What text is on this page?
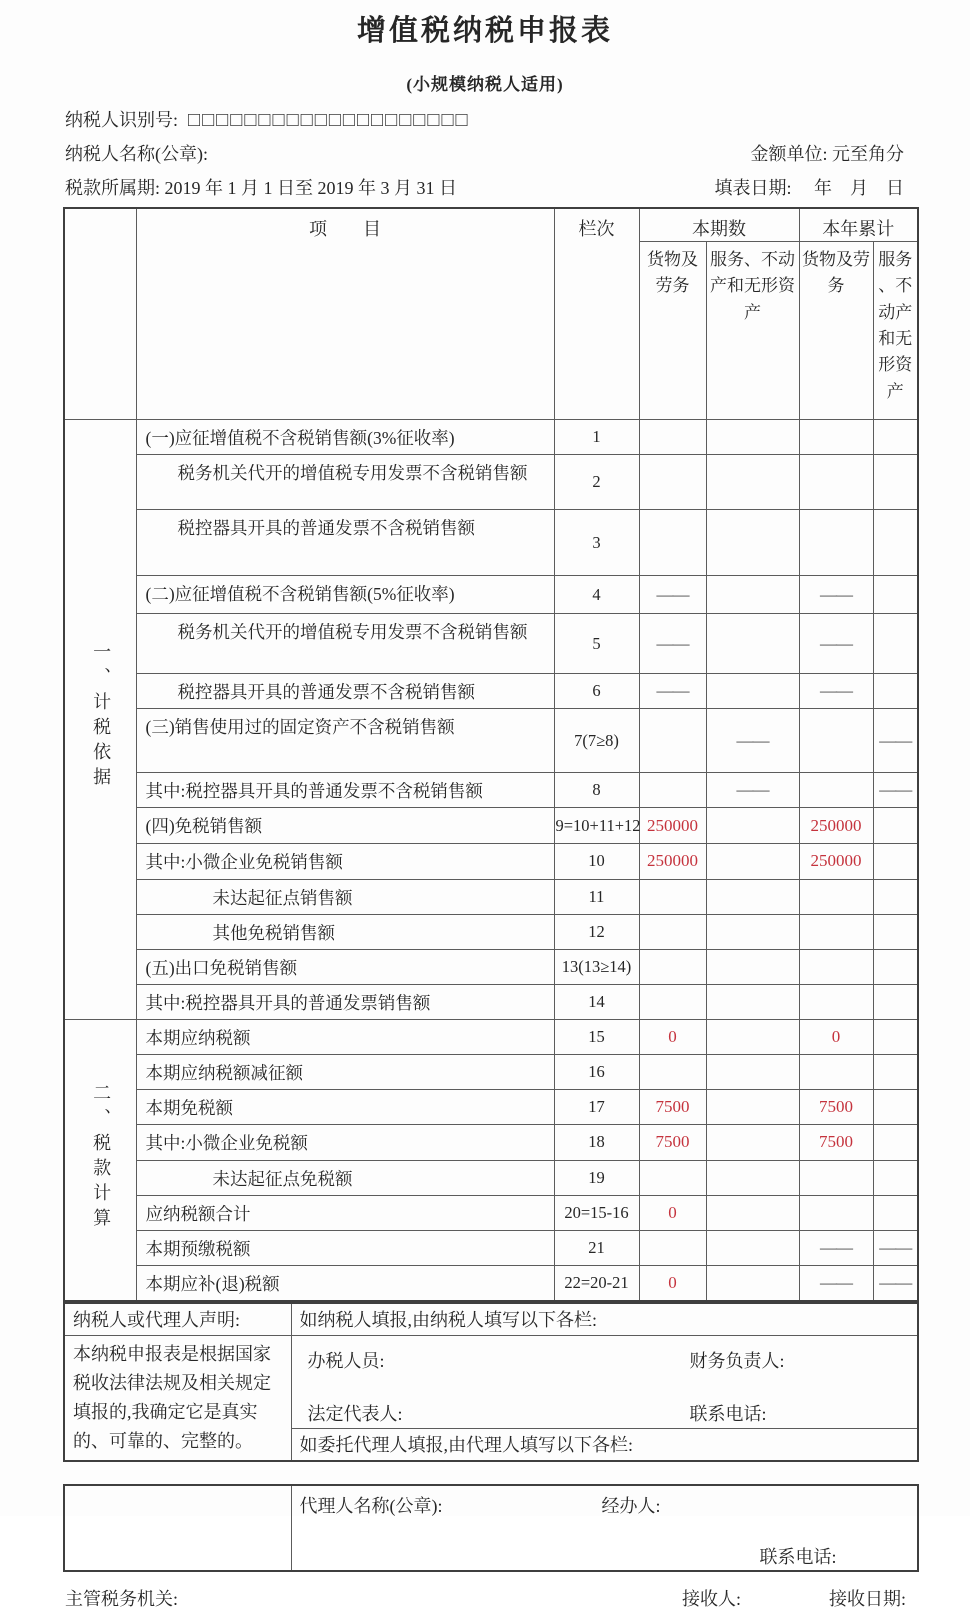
增值税纳税申报表
(小规模纳税人适用)
纳税人识别号: □□□□□□□□□□□□□□□□□□□□
纳税人名称(公章):	金额单位: 元至角分
税款所属期:
2019 年 1 月 1 日至 2019 年 3 月 31 日	填表日期:　 年　月　日
	项　　目	栏次	本期数		本年累计	
			货物及劳务	服务、不动产和无形资产	货物及劳务	服务、不动产和无形资产
一、计税依据	(一)应征增值税不含税销售额(3%征收率)	1				
	税务机关代开的增值税专用发票不含税销售额	2				
	税控器具开具的普通发票不含税销售额	3				
	(二)应征增值税不含税销售额(5%征收率)	4	——		——	
	税务机关代开的增值税专用发票不含税销售额	5	——		——	
	税控器具开具的普通发票不含税销售额	6	——		——	
	(三)销售使用过的固定资产不含税销售额	7(7≥8)		——		——
	其中:税控器具开具的普通发票不含税销售额	8		——		——
	(四)免税销售额	9=10+11+12	250000		250000	
	其中:小微企业免税销售额	10	250000		250000	
	未达起征点销售额	11				
	其他免税销售额	12				
	(五)出口免税销售额	13(13≥14)				
	其中:税控器具开具的普通发票销售额	14				
二、税款计算	本期应纳税额	15	0		0	
	本期应纳税额减征额	16				
	本期免税额	17	7500		7500	
	其中:小微企业免税额	18	7500		7500	
	未达起征点免税额	19				
	应纳税额合计	20=15-16	0			
	本期预缴税额	21			——	——
	本期应补(退)税额	22=20-21	0		——	——
纳税人或代理人声明:	如纳税人填报,由纳税人填写以下各栏:
本纳税申报表是根据国家税收法律法规及相关规定填报的,我确定它是真实的、可靠的、完整的。	办税人员: 财务负责人:
法定代表人: 联系电话:

	如委托代理人填报,由代理人填写以下各栏:

代理人名称(公章):	经办人:
联系电话:
主管税务机关:	接收人:	接收日期:
